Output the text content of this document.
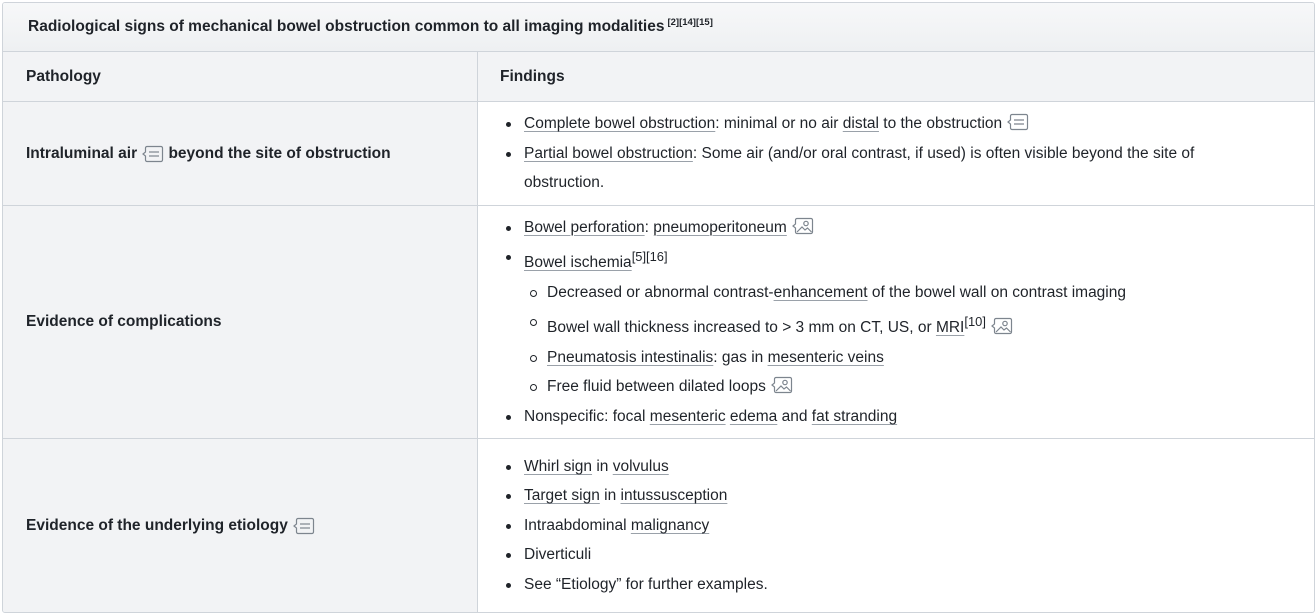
Radiological signs of mechanical bowel obstruction common to all imaging modalities [2][14][15]
Pathology	Findings
Intraluminal air
beyond the site of obstruction
Complete bowel obstruction: minimal or no air distal to the obstruction
Partial bowel obstruction: Some air (and/or oral contrast, if used) is often visible beyond the site of obstruction.
Evidence of complications
Bowel perforation: pneumoperitoneum
Bowel ischemia[5][16]
Decreased or abnormal contrast-enhancement of the bowel wall on contrast imaging
Bowel wall thickness increased to > 3 mm on CT, US, or MRI[10]
Pneumatosis intestinalis: gas in mesenteric veins
Free fluid between dilated loops
Nonspecific: focal mesenteric edema and fat stranding
Evidence of the underlying etiology
Whirl sign in volvulus
Target sign in intussusception
Intraabdominal malignancy
Diverticuli
See “Etiology” for further examples.
